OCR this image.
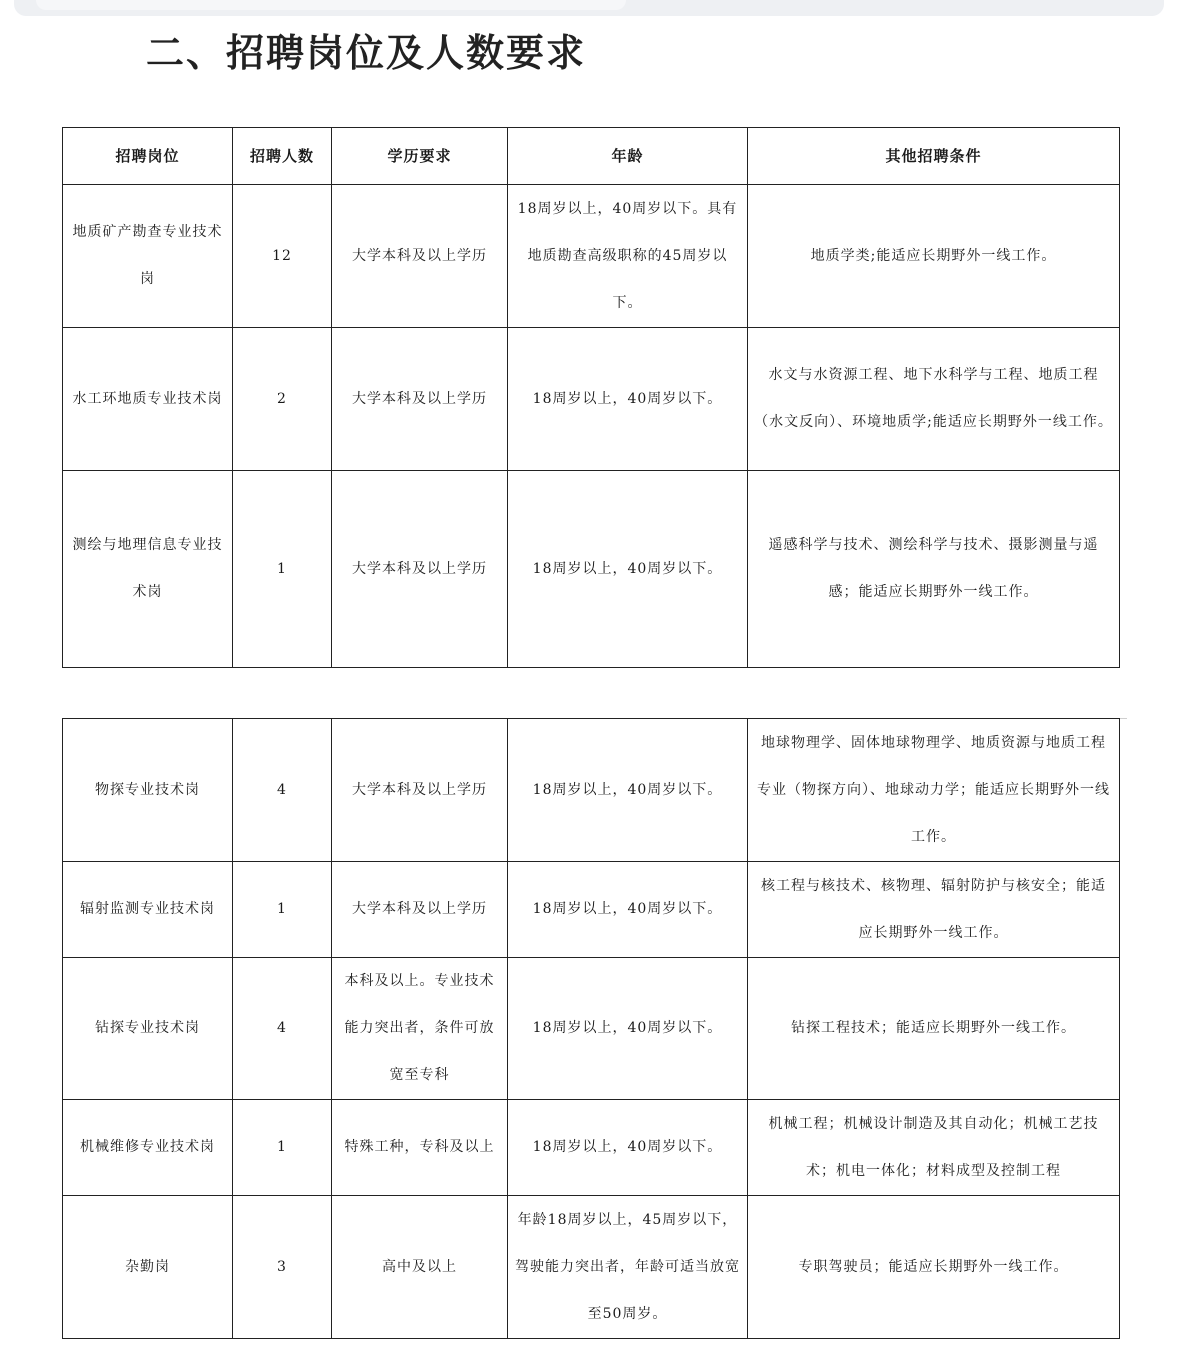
二、招聘岗位及人数要求
招聘岗位	招聘人数	学历要求	年龄	其他招聘条件
地质矿产勘查专业技术岗	12	大学本科及以上学历	18周岁以上，40周岁以下。具有地质勘查高级职称的45周岁以下。	地质学类;能适应长期野外一线工作。
水工环地质专业技术岗	2	大学本科及以上学历	18周岁以上，40周岁以下。	水文与水资源工程、地下水科学与工程、地质工程（水文反向）、环境地质学;能适应长期野外一线工作。
测绘与地理信息专业技术岗	1	大学本科及以上学历	18周岁以上，40周岁以下。	遥感科学与技术、测绘科学与技术、摄影测量与遥感；能适应长期野外一线工作。
物探专业技术岗	4	大学本科及以上学历	18周岁以上，40周岁以下。	地球物理学、固体地球物理学、地质资源与地质工程专业（物探方向）、地球动力学；能适应长期野外一线工作。
辐射监测专业技术岗	1	大学本科及以上学历	18周岁以上，40周岁以下。	核工程与核技术、核物理、辐射防护与核安全；能适应长期野外一线工作。
钻探专业技术岗	4	本科及以上。专业技术能力突出者，条件可放宽至专科	18周岁以上，40周岁以下。	钻探工程技术；能适应长期野外一线工作。
机械维修专业技术岗	1	特殊工种，专科及以上	18周岁以上，40周岁以下。	机械工程；机械设计制造及其自动化；机械工艺技术；机电一体化；材料成型及控制工程
杂勤岗	3	高中及以上	年龄18周岁以上，45周岁以下，驾驶能力突出者，年龄可适当放宽至50周岁。	专职驾驶员；能适应长期野外一线工作。
